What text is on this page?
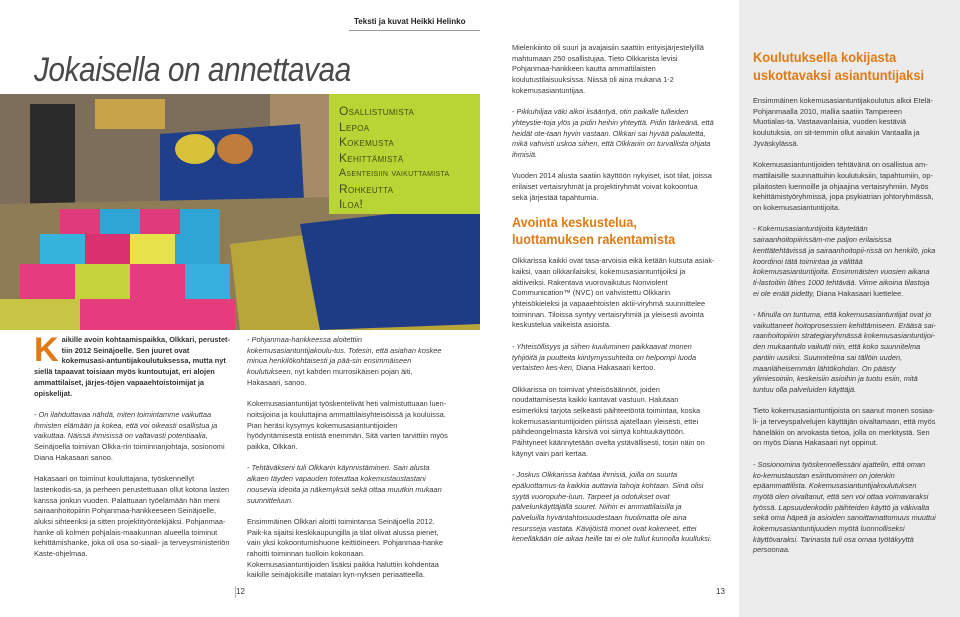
Teksti ja kuvat Heikki Helinko
Jokaisella on annettavaa
Osallistumista
Lepoa
Kokemusta
Kehittämistä
Asenteisiin vaikuttamista
Rohkeutta
Iloa!

Kaikille avoin kohtaamispaikka, Olkkari, perustet-tiin 2012 Seinäjoelle. Sen juuret ovat kokemusasi-antuntijakoulutuksessa, mutta nyt siellä tapaavat toisiaan myös kuntoutujat, eri alojen ammattilaiset, järjes-töjen vapaaehtoistoimijat ja opiskelijat.

- On ilahduttavaa nähdä, miten toimintamme vaikuttaa ihmisten elämään ja kokea, että voi oikeasti osallistua ja vaikuttaa. Näissä ihmisissä on valtavasti potentiaalia, Seinäjoella toimivan Olkka-rin toiminnanjohtaja, sosionomi Diana Hakasaari sanoo.

Hakasaari on toiminut kouluttajana, työskennellyt lastenkodis-sa, ja perheen perustettuaan ollut kotona lasten kanssa jonkun vuoden. Palattuaan työelämään hän meni sairaanhoitopiirin Pohjanmaa-hankkeeseen Seinäjoelle, aluksi sihteeriksi ja sitten projektityöntekijäksi. Pohjanmaa-hanke oli kolmen pohjalais-maakunnan alueella toiminut kehittämishanke, joka oli osa so-siaali- ja terveysministeriön Kaste-ohjelmaa.

- Pohjanmaa-hankkeessa aloitettiin kokemusasiantuntijakoulu-tus. Totesin, että asiahan koskee minua henkilökohtaisesti ja pää-sin ensimmäiseen koulutukseen, nyt kahden murrosikäisen pojan äiti, Hakasaari, sanoo.

Kokemusasiantuntijat työskentelivät heti valmistuttuaan luen-noitsijoina ja kouluttajina ammattilaisyhteisöissä ja kouluissa. Pian heräsi kysymys kokemusasiantuntijoiden hyödyntämisestä entistä enemmän. Sitä varten tarvittiin myös paikka, Olkkari.

- Tehtäväkseni tuli Olkkarin käynnistäminen. Sain alusta alkaen täyden vapauden toteuttaa kokemustaustastani nousevia ideoita ja näkemyksiä sekä ottaa muutkin mukaan suunnitteluun.

Ensimmäinen Olkkari aloitti toimintansa Seinäjoella 2012. Paik-ka sijaitsi keskikaupungilla ja tilat olivat alussa pienet, vain yksi kokoontumishuone keittiöineen. Pohjanmaa-hanke rahoitti toiminnan tuolloin kokonaan. Kokemusasiantuntijoiden lisäksi paikka haluttiin kohdentaa kaikille seinäjokisille matalan kyn-nyksen periaatteella.

Mielenkiinto oli suuri ja avajaisiin saattiin erityisjärjestelyillä mahtumaan 250 osallistujaa. Tieto Olkkarista levisi Pohjanmaa-hankkeen kautta ammattilaisten koulutustilaisuuksissa. Niissä oli aina mukana 1-2 kokemusasiantuntijaa.

- Pikkuhiljaa väki alkoi lisääntyä, otin paikalle tulleiden yhteystie-toja ylös ja pidin heihin yhteyttä. Pidin tärkeänä, että heidät ote-taan hyvin vastaan. Olkkari sai hyvää palautetta, mikä vahvisti uskoa siihen, että Olkkariin on turvallista ohjata ihmisiä.

Vuoden 2014 alusta saatiin käyttöön nykyiset, isot tilat, joissa erilaiset vertaisryhmät ja projektiryhmät voivat kokoontua sekä järjestää tapahtumia.

Avointa keskustelua, luottamuksen rakentamista

Olkkarissa kaikki ovat tasa-arvoisia eikä ketään kutsuta asiak-kaiksi, vaan olkkarilaisiksi, kokemusasiantuntijoiksi ja aktiiveiksi. Rakentava vuorovaikutus Nonviolent Communication™ (NVC) on vahvistettu Olkkarin yhteisökieleksi ja vapaaehtoisten aktii-viryhmä suunnittelee toiminnan. Tiloissa syntyy vertaisryhmiä ja yleisesti avointa keskustelua vaikeista asioista.

- Yhteisöllisyys ja siihen kuuluminen paikkaavat monen tyhjiöitä ja puutteita kiintymyssuhteita on helpompi luoda vertaisten kes-ken, Diana Hakasaari kertoo.

Olkkarissa on toimivat yhteisösäännöt, joiden noudattamisesta kaikki kantavat vastuun. Halutaan esimerkiksi tarjota selkeästi päihteetöntä toimintaa, koska kokemusasiantuntijoiden piirissä ajatellaan yleisesti, ettei päihdeongelmasta kärsivä voi siirtyä kohtuukäyttöön. Päihtyneet käännytetään ovelta ystävällisesti, tosin näin on käynyt vain pari kertaa.

- Joskus Olkkarissa kahtaa ihmisiä, joilla on suurta epäluottamus-ta kaikkia auttavia tahoja kohtaan. Siinä olisi syytä vuoropuhe-luun. Tarpeet ja odotukset ovat palvelunkäyttäjällä suuret. Niihin ei ammattilaisilla ja palveluilla hyväntahtoisuudestaan huolimatta ole aina resursseja vastata. Kävijöistä monet ovat kokeneet, ettei kenelläkään ole aikaa heille tai ei ole tullut kunnolla kuulluksi.

Koulutuksella kokijasta uskottavaksi asiantuntijaksi

Ensimmäinen kokemusasiantuntijakoulutus alkoi Etelä-Pohjanmaalla 2010, mallia saatiin Tampereen Muotialas-ta. Vastaavanlaisia, vuoden kestäviä koulutuksia, on sit-temmin ollut ainakin Vantaalla ja Jyväskylässä.

Kokemusasiantuntijoiden tehtävänä on osallistua am-mattilaisille suunnattuihin koulutuksiin, tapahtumiin, op-pilaitosten luennoille ja ohjaajina vertaisryhmiin. Myös kehittämistyöryhmissä, jopa psykiatrian johtoryhmässä, on kokemusasiantuntijoita.

- Kokemusasiantuntijoita käytetään sairaanhoitopiirissäm-me paljon erilaisissa kenttätehtävissä ja sairaanhoitopii-rissä on henkilö, joka koordinoi tätä toimintaa ja välittää kokemusasiantuntijoita. Ensimmäisten vuosien aikana ti-lastoitiin lähes 1000 tehtävää. Viime aikoina tilastoja ei ole enää pidetty, Diana Hakasaari luettelee.

- Minulla on tuntuma, että kokemusasiantuntijat ovat jo vaikuttaneet hoitoprosessien kehittämiseen. Erääsä sai-raanhoitopiirin strategiaryhmässä kokemusasiantuntijoi-den mukaantulo vaikutti niin, että koko suunnitelma pantiin uusiksi. Suunnitelma sai tällöin uuden, maanläheisemmän lähtökohdan. On päästy ylimiesoiniin, keskeisiin asioihin ja tuotu esiin, mitä tuntuu olla palveluiden käyttäjä.

Tieto kokemusasiantuntijoista on saanut monen sosiaa-li- ja terveyspalvelujen käyttäjän oivaltamaan, että myös häneläkin on arvokasta tietoa, jolla on merkitystä. Sen on myös Diana Hakasaari nyt oppinut.

- Sosionomina työskennellessäni ajattelin, että oman ko-kemustaustan esiintuominen on jotenkin epäammattilista. Kokemusasiantuntijakoulutuksen myötä olen oivaltanut, että sen voi ottaa voimavaraksi työssä. Lapsuudenkodin päihteiden käyttö ja väkivalta sekä oma häpeä ja asioiden sanoittamattomuus muuttui kokemusasiantuntijuuden myötä luonnolliseksi käyttövaraksi. Tarinasta tuli osa omaa työtäkyyttä persoonaa.

12	13
